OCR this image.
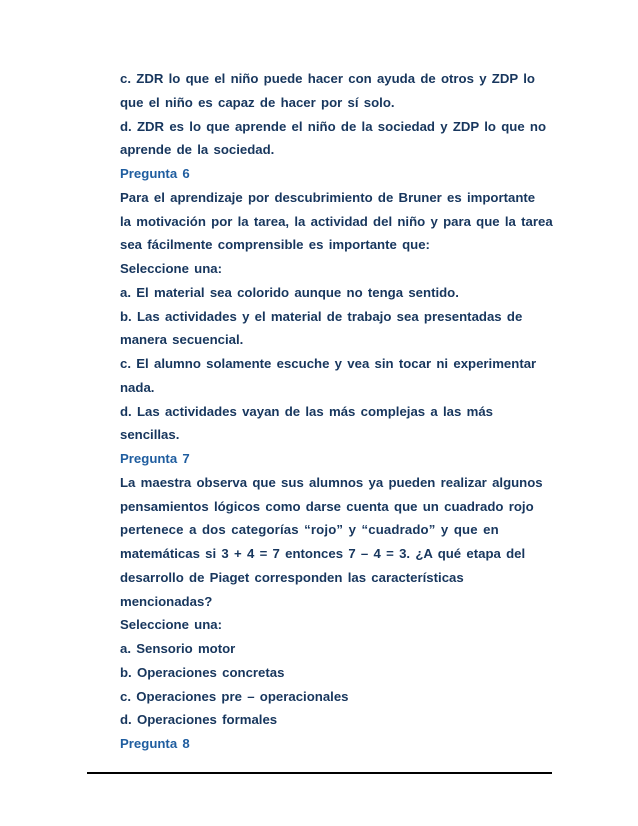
c. ZDR lo que el niño puede hacer con ayuda de otros y ZDP lo
que el niño es capaz de hacer por sí solo.
d. ZDR es lo que aprende el niño de la sociedad y ZDP lo que no
aprende de la sociedad.
Pregunta 6
Para el aprendizaje por descubrimiento de Bruner es importante
la motivación por la tarea, la actividad del niño y para que la tarea
sea fácilmente comprensible es importante que:
Seleccione una:
a. El material sea colorido aunque no tenga sentido.
b. Las actividades y el material de trabajo sea presentadas de
manera secuencial.
c. El alumno solamente escuche y vea sin tocar ni experimentar
nada.
d. Las actividades vayan de las más complejas a las más
sencillas.
Pregunta 7
La maestra observa que sus alumnos ya pueden realizar algunos
pensamientos lógicos como darse cuenta que un cuadrado rojo
pertenece a dos categorías “rojo” y “cuadrado” y que en
matemáticas si 3 + 4 = 7 entonces 7 – 4 = 3. ¿A qué etapa del
desarrollo de Piaget corresponden las características
mencionadas?
Seleccione una:
a. Sensorio motor
b. Operaciones concretas
c. Operaciones pre – operacionales
d. Operaciones formales
Pregunta 8
